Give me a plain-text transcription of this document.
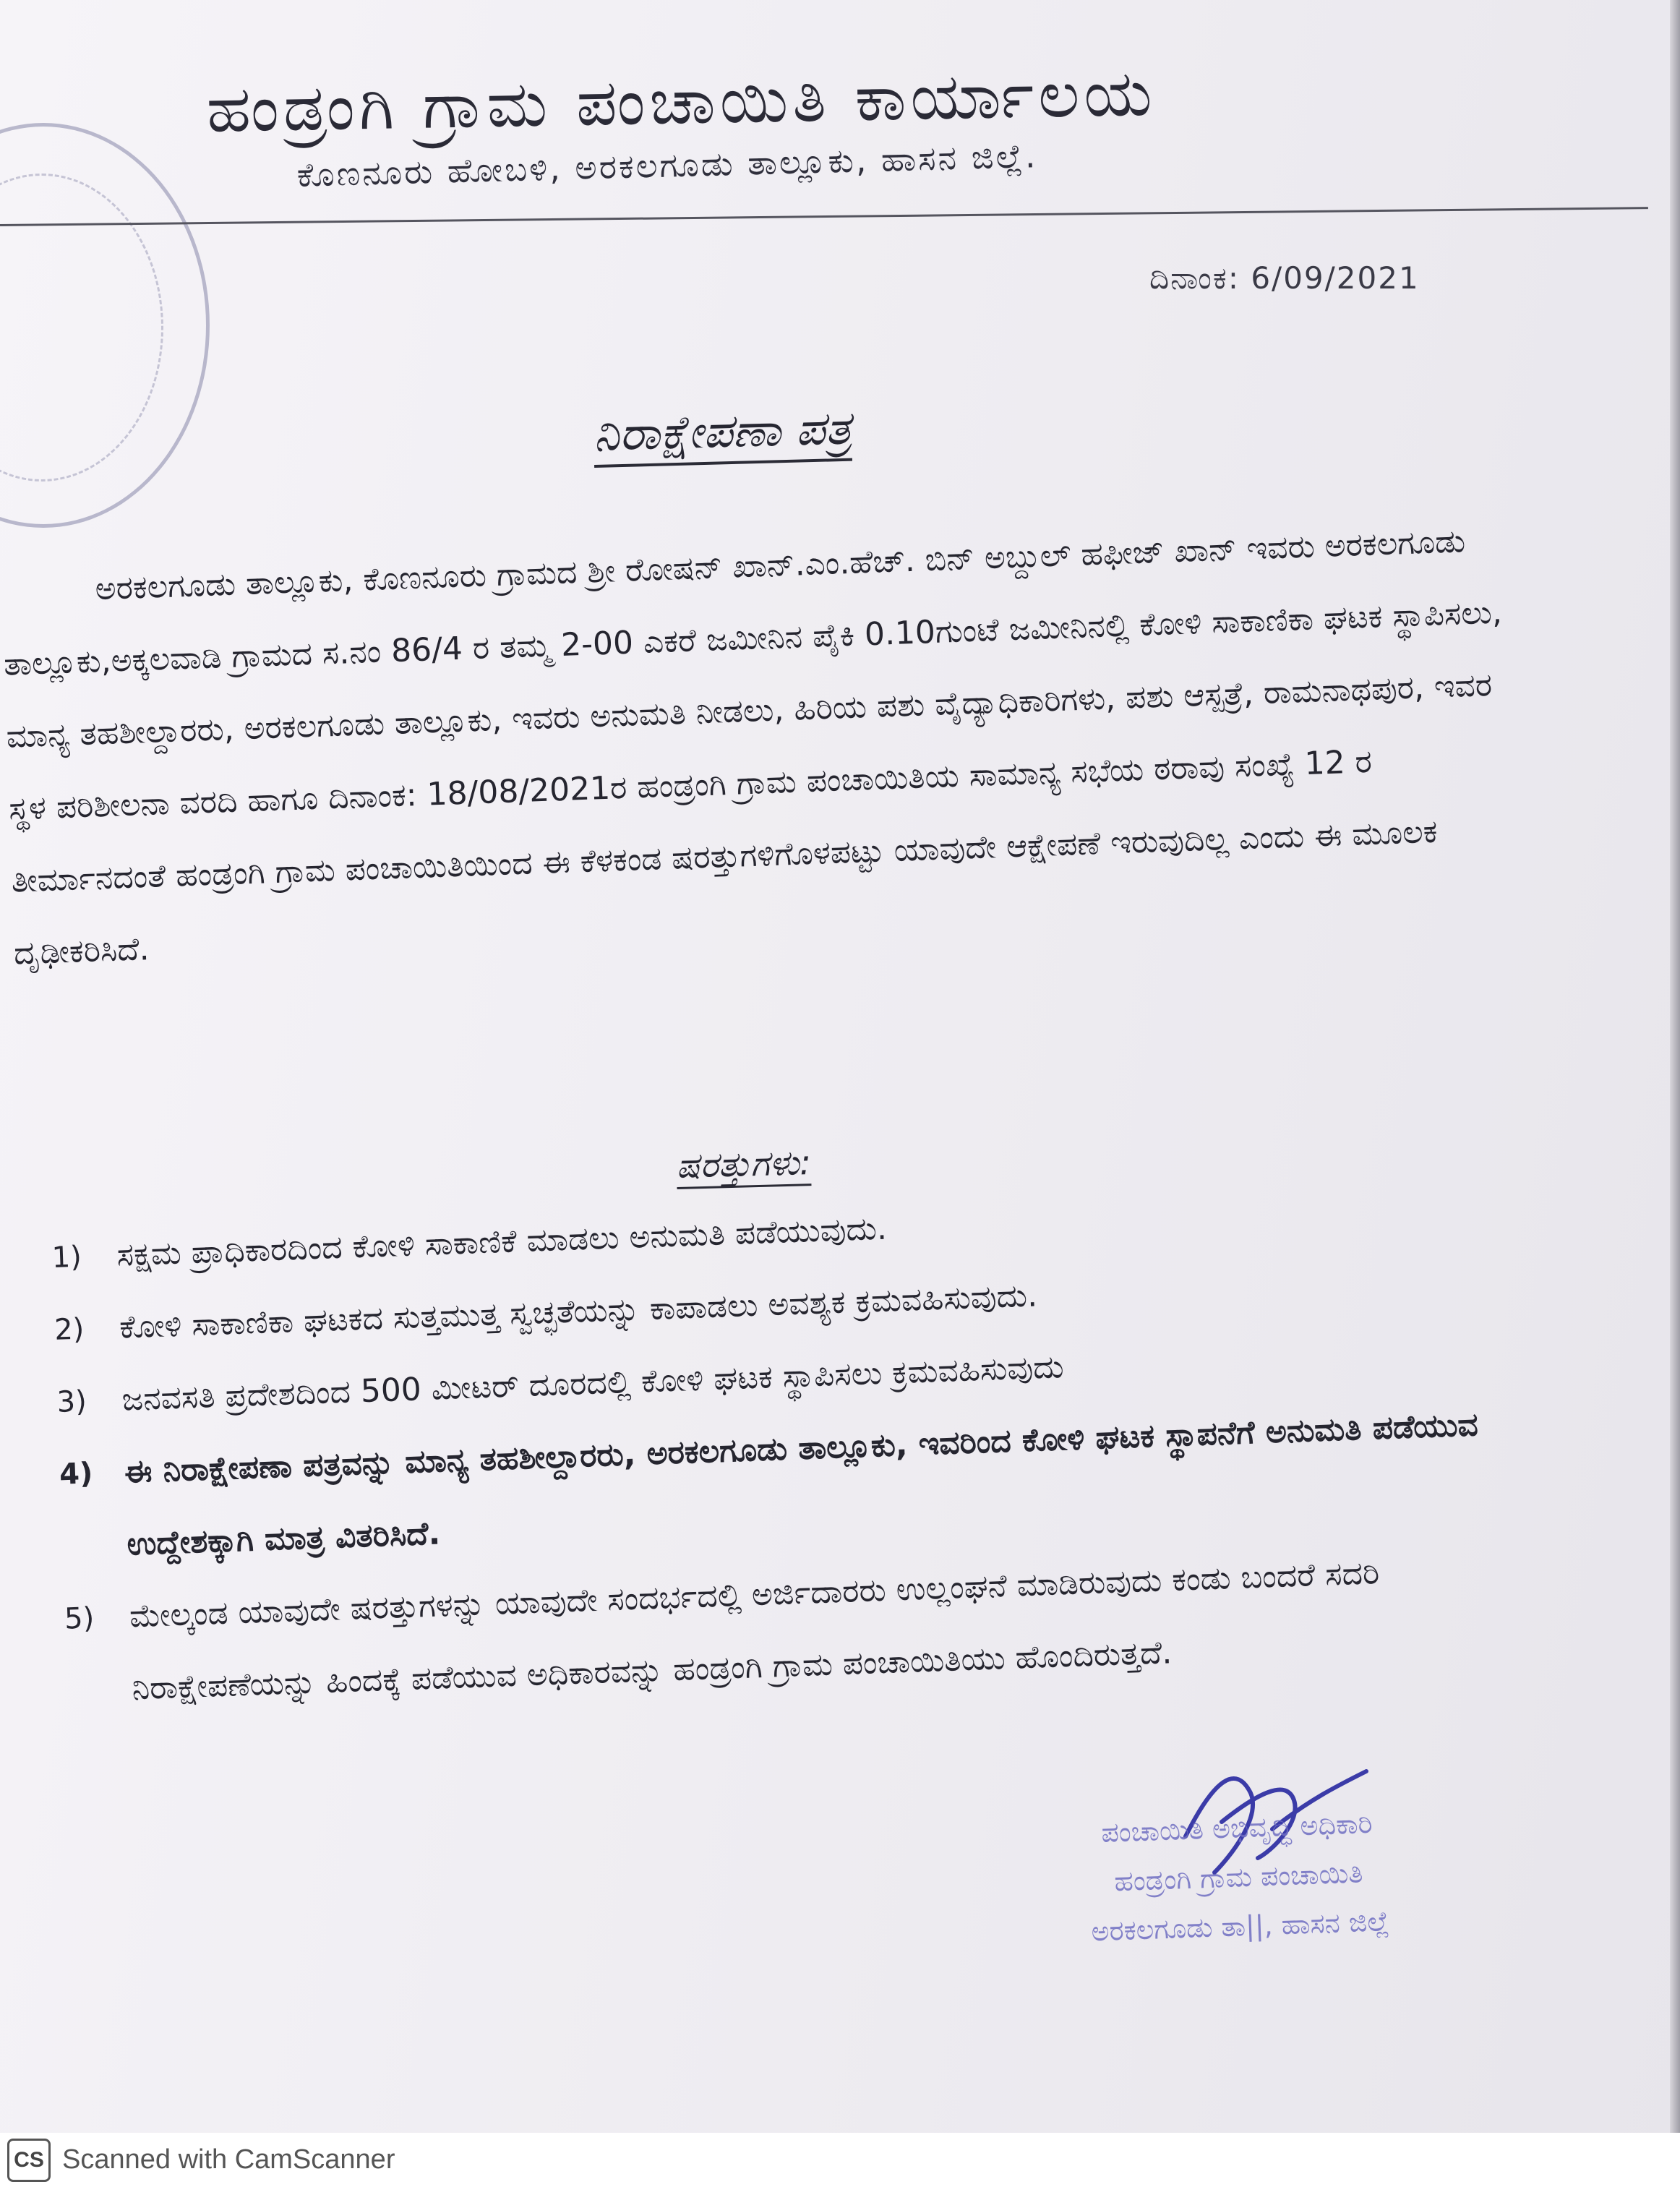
ಹಂಡ್ರಂಗಿ ಗ್ರಾಮ ಪಂಚಾಯಿತಿ ಕಾರ್ಯಾಲಯ
ಕೊಣನೂರು ಹೋಬಳಿ, ಅರಕಲಗೂಡು ತಾಲ್ಲೂಕು, ಹಾಸನ ಜಿಲ್ಲೆ.
ದಿನಾಂಕ: 6/09/2021
ನಿರಾಕ್ಷೇಪಣಾ ಪತ್ರ
ಅರಕಲಗೂಡು ತಾಲ್ಲೂಕು, ಕೊಣನೂರು ಗ್ರಾಮದ ಶ್ರೀ ರೋಷನ್ ಖಾನ್.ಎಂ.ಹೆಚ್. ಬಿನ್ ಅಬ್ದುಲ್ ಹಫೀಜ್ ಖಾನ್ ಇವರು ಅರಕಲಗೂಡು ತಾಲ್ಲೂಕು,ಅಕ್ಕಲವಾಡಿ ಗ್ರಾಮದ ಸ.ನಂ 86/4 ರ ತಮ್ಮ 2-00 ಎಕರೆ ಜಮೀನಿನ ಪೈಕಿ 0.10ಗುಂಟೆ ಜಮೀನಿನಲ್ಲಿ ಕೋಳಿ ಸಾಕಾಣಿಕಾ ಘಟಕ ಸ್ಥಾಪಿಸಲು, ಮಾನ್ಯ ತಹಶೀಲ್ದಾರರು, ಅರಕಲಗೂಡು ತಾಲ್ಲೂಕು, ಇವರು ಅನುಮತಿ ನೀಡಲು, ಹಿರಿಯ ಪಶು ವೈದ್ಯಾಧಿಕಾರಿಗಳು, ಪಶು ಆಸ್ಪತ್ರೆ, ರಾಮನಾಥಪುರ, ಇವರ ಸ್ಥಳ ಪರಿಶೀಲನಾ ವರದಿ ಹಾಗೂ ದಿನಾಂಕ: 18/08/2021ರ ಹಂಡ್ರಂಗಿ ಗ್ರಾಮ ಪಂಚಾಯಿತಿಯ ಸಾಮಾನ್ಯ ಸಭೆಯ ಠರಾವು ಸಂಖ್ಯೆ 12 ರ ತೀರ್ಮಾನದಂತೆ ಹಂಡ್ರಂಗಿ ಗ್ರಾಮ ಪಂಚಾಯಿತಿಯಿಂದ ಈ ಕೆಳಕಂಡ ಷರತ್ತುಗಳಿಗೊಳಪಟ್ಟು ಯಾವುದೇ ಆಕ್ಷೇಪಣೆ ಇರುವುದಿಲ್ಲ ಎಂದು ಈ ಮೂಲಕ ದೃಢೀಕರಿಸಿದೆ.
ಷರತ್ತುಗಳು:
1) ಸಕ್ಷಮ ಪ್ರಾಧಿಕಾರದಿಂದ ಕೋಳಿ ಸಾಕಾಣಿಕೆ ಮಾಡಲು ಅನುಮತಿ ಪಡೆಯುವುದು.
2) ಕೋಳಿ ಸಾಕಾಣಿಕಾ ಘಟಕದ ಸುತ್ತಮುತ್ತ ಸ್ವಚ್ಛತೆಯನ್ನು ಕಾಪಾಡಲು ಅವಶ್ಯಕ ಕ್ರಮವಹಿಸುವುದು.
3) ಜನವಸತಿ ಪ್ರದೇಶದಿಂದ 500 ಮೀಟರ್ ದೂರದಲ್ಲಿ ಕೋಳಿ ಘಟಕ ಸ್ಥಾಪಿಸಲು ಕ್ರಮವಹಿಸುವುದು
4) ಈ ನಿರಾಕ್ಷೇಪಣಾ ಪತ್ರವನ್ನು ಮಾನ್ಯ ತಹಶೀಲ್ದಾರರು, ಅರಕಲಗೂಡು ತಾಲ್ಲೂಕು, ಇವರಿಂದ ಕೋಳಿ ಘಟಕ ಸ್ಥಾಪನೆಗೆ ಅನುಮತಿ ಪಡೆಯುವ ಉದ್ದೇಶಕ್ಕಾಗಿ ಮಾತ್ರ ವಿತರಿಸಿದೆ.
5) ಮೇಲ್ಕಂಡ ಯಾವುದೇ ಷರತ್ತುಗಳನ್ನು ಯಾವುದೇ ಸಂದರ್ಭದಲ್ಲಿ ಅರ್ಜಿದಾರರು ಉಲ್ಲಂಘನೆ ಮಾಡಿರುವುದು ಕಂಡು ಬಂದರೆ ಸದರಿ ನಿರಾಕ್ಷೇಪಣೆಯನ್ನು ಹಿಂದಕ್ಕೆ ಪಡೆಯುವ ಅಧಿಕಾರವನ್ನು ಹಂಡ್ರಂಗಿ ಗ್ರಾಮ ಪಂಚಾಯಿತಿಯು ಹೊಂದಿರುತ್ತದೆ.
ಪಂಚಾಯಿತಿ ಅಭಿವೃದ್ಧಿ ಅಧಿಕಾರಿ
ಹಂಡ್ರಂಗಿ ಗ್ರಾಮ ಪಂಚಾಯಿತಿ
ಅರಕಲಗೂಡು ತಾ||, ಹಾಸನ ಜಿಲ್ಲೆ
CS Scanned with CamScanner
